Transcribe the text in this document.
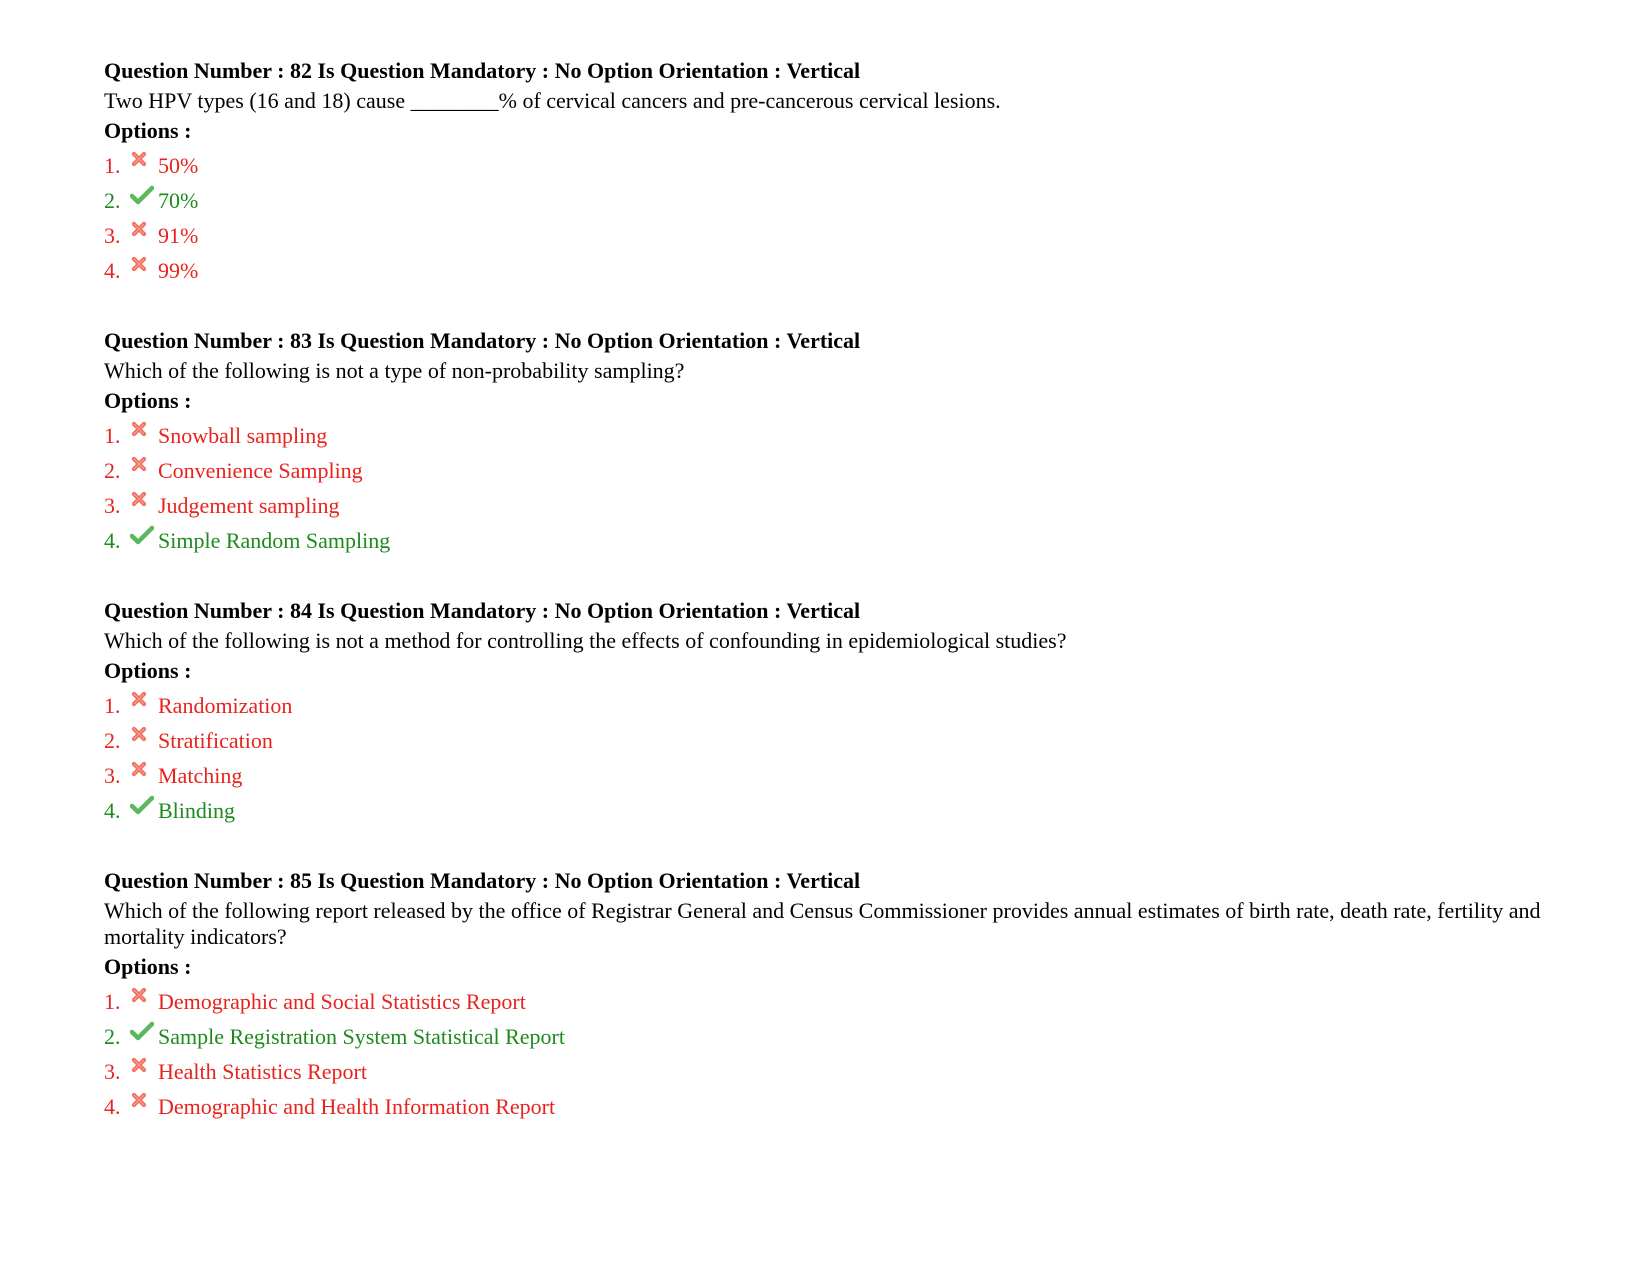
Question Number : 82 Is Question Mandatory : No Option Orientation : Vertical

Two HPV types (16 and 18) cause ________% of cervical cancers and pre-cancerous cervical lesions.

Options :

1.	50%
2.	70%
3.	91%
4.	99%

Question Number : 83 Is Question Mandatory : No Option Orientation : Vertical

Which of the following is not a type of non-probability sampling?

Options :

1.	Snowball sampling
2.	Convenience Sampling
3.	Judgement sampling
4.	Simple Random Sampling

Question Number : 84 Is Question Mandatory : No Option Orientation : Vertical

Which of the following is not a method for controlling the effects of confounding in epidemiological studies?

Options :

1.	Randomization
2.	Stratification
3.	Matching
4.	Blinding

Question Number : 85 Is Question Mandatory : No Option Orientation : Vertical

Which of the following report released by the office of Registrar General and Census Commissioner provides annual estimates of birth rate, death rate, fertility and mortality indicators?

Options :

1.	Demographic and Social Statistics Report
2.	Sample Registration System Statistical Report
3.	Health Statistics Report
4.	Demographic and Health Information Report
